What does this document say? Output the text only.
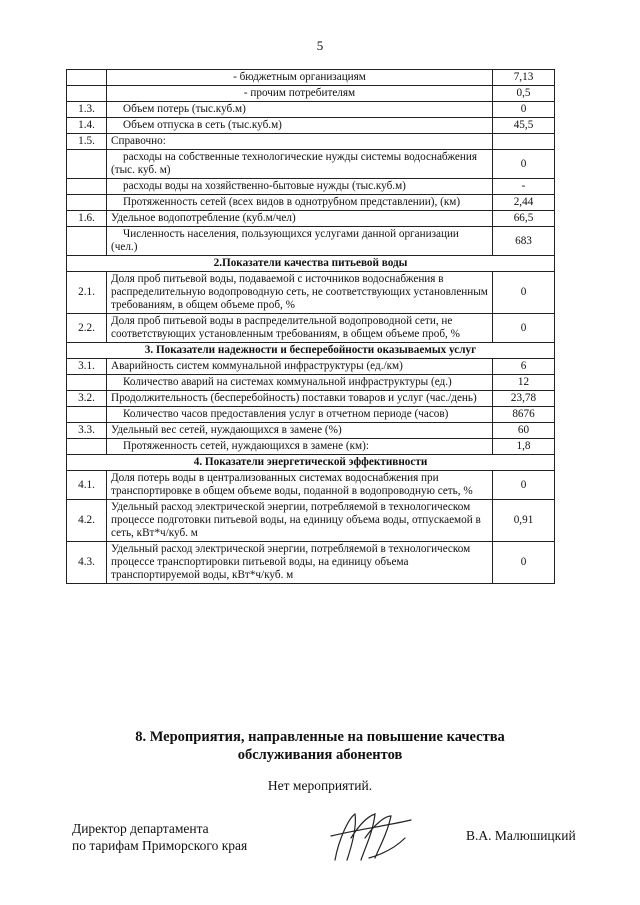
5
	- бюджетным организациям	7,13
	- прочим потребителям	0,5
1.3.	Объем потерь (тыс.куб.м)	0
1.4.	Объем отпуска в сеть (тыс.куб.м)	45,5
1.5.	Справочно:	
	расходы на собственные технологические нужды системы водоснабжения (тыс. куб. м)	0
	расходы воды на хозяйственно-бытовые нужды (тыс.куб.м)	-
	Протяженность сетей (всех видов в однотрубном представлении), (км)	2,44
1.6.	Удельное водопотребление (куб.м/чел)	66,5
	Численность населения, пользующихся услугами данной организации (чел.)	683
2.Показатели качества питьевой воды		
2.1.	Доля проб питьевой воды, подаваемой с источников водоснабжения в распределительную водопроводную сеть, не соответствующих установленным требованиям, в общем объеме проб, %	0
2.2.	Доля проб питьевой воды в распределительной водопроводной сети, не соответствующих установленным требованиям, в общем объеме проб, %	0
3. Показатели надежности и бесперебойности оказываемых услуг		
3.1.	Аварийность систем коммунальной инфраструктуры (ед./км)	6
	Количество аварий на системах коммунальной инфраструктуры (ед.)	12
3.2.	Продолжительность (бесперебойность) поставки товаров и услуг (час./день)	23,78
	Количество часов предоставления услуг в отчетном периоде (часов)	8676
3.3.	Удельный вес сетей, нуждающихся в замене (%)	60
	Протяженность сетей, нуждающихся в замене (км):	1,8
4. Показатели энергетической эффективности		
4.1.	Доля потерь воды в централизованных системах водоснабжения при транспортировке в общем объеме воды, поданной в водопроводную сеть, %	0
4.2.	Удельный расход электрической энергии, потребляемой в технологическом процессе подготовки питьевой воды, на единицу объема воды, отпускаемой в сеть, кВт*ч/куб. м	0,91
4.3.	Удельный расход электрической энергии, потребляемой в технологическом процессе транспортировки питьевой воды, на единицу объема транспортируемой воды, кВт*ч/куб. м	0
8. Мероприятия, направленные на повышение качества
обслуживания абонентов
Нет мероприятий.
Директор департамента
по тарифам Приморского края
В.А. Малюшицкий
